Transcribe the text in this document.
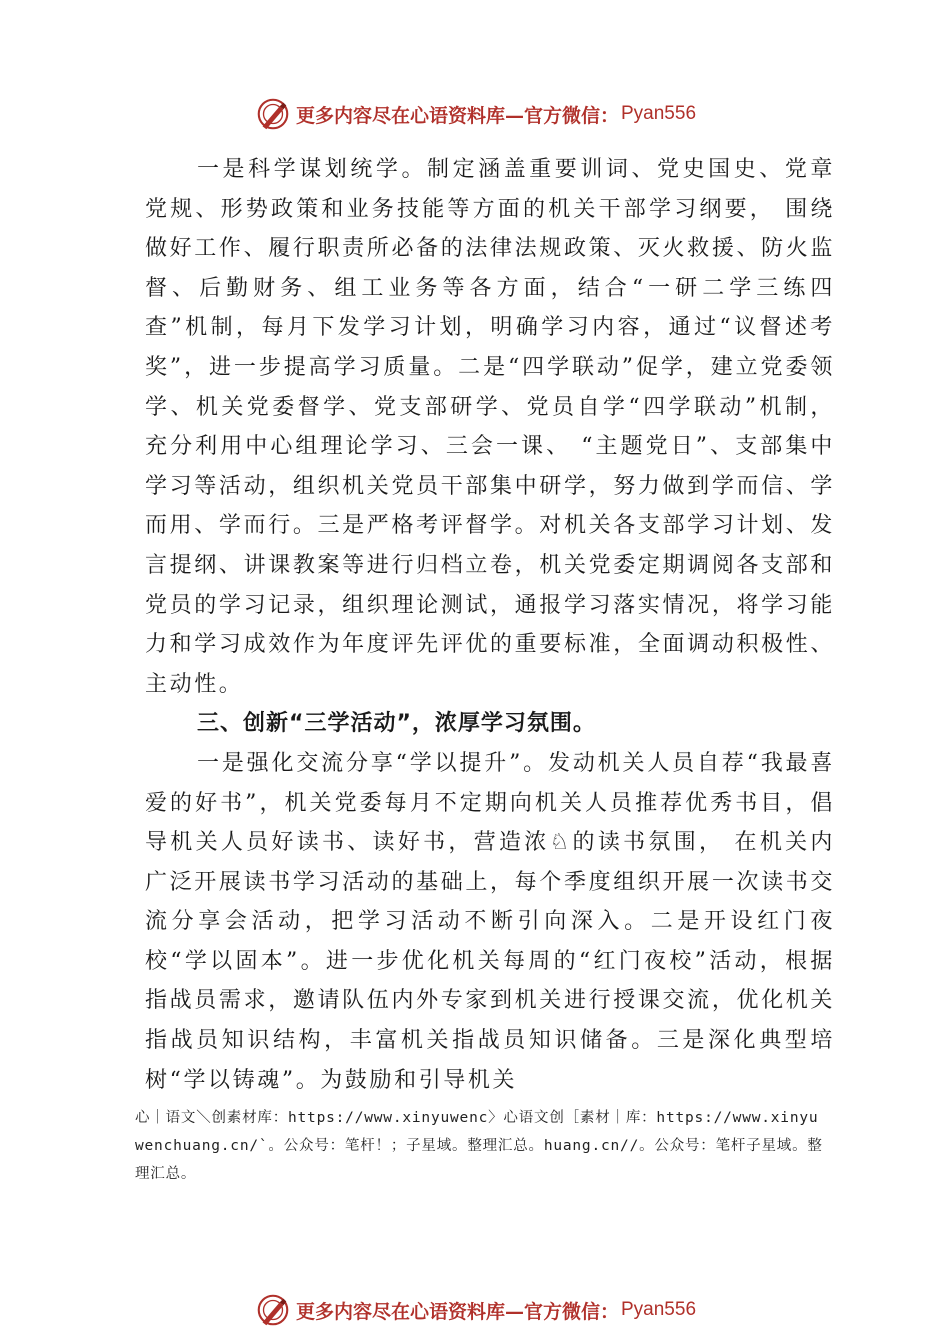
更多内容尽在心语资料库—官方微信： Pyan556

一是科学谋划统学。制定涵盖重要训词、党史国史、党章党规、形势政策和业务技能等方面的机关干部学习纲要， 围绕做好工作、履行职责所必备的法律法规政策、灭火救援、防火监督、后勤财务、组工业务等各方面，结合“一研二学三练四查”机制，每月下发学习计划，明确学习内容，通过“议督述考奖”，进一步提高学习质量。二是“四学联动”促学，建立党委领学、机关党委督学、党支部研学、党员自学“四学联动”机制，充分利用中心组理论学习、三会一课、 “主题党日”、支部集中学习等活动，组织机关党员干部集中研学，努力做到学而信、学而用、学而行。三是严格考评督学。对机关各支部学习计划、发言提纲、讲课教案等进行归档立卷，机关党委定期调阅各支部和党员的学习记录，组织理论测试，通报学习落实情况，将学习能力和学习成效作为年度评先评优的重要标准，全面调动积极性、主动性。

三、创新“三学活动”，浓厚学习氛围。

一是强化交流分享“学以提升”。发动机关人员自荐“我最喜爱的好书”，机关党委每月不定期向机关人员推荐优秀书目，倡导机关人员好读书、读好书，营造浓♘的读书氛围， 在机关内广泛开展读书学习活动的基础上，每个季度组织开展一次读书交流分享会活动，把学习活动不断引向深入。二是开设红门夜校“学以固本”。进一步优化机关每周的“红门夜校”活动，根据指战员需求，邀请队伍内外专家到机关进行授课交流，优化机关指战员知识结构，丰富机关指战员知识储备。三是深化典型培树“学以铸魂”。为鼓励和引导机关

心｜语文＼创素材库：https://www.xinyuwenc〉心语文创［素材｜库：https://www.xinyuwenchuang.cn/`。公众号：笔杆！；子星域。整理汇总。huang.cn//。公众号：笔杆子星域。整理汇总。
更多内容尽在心语资料库—官方微信： Pyan556
